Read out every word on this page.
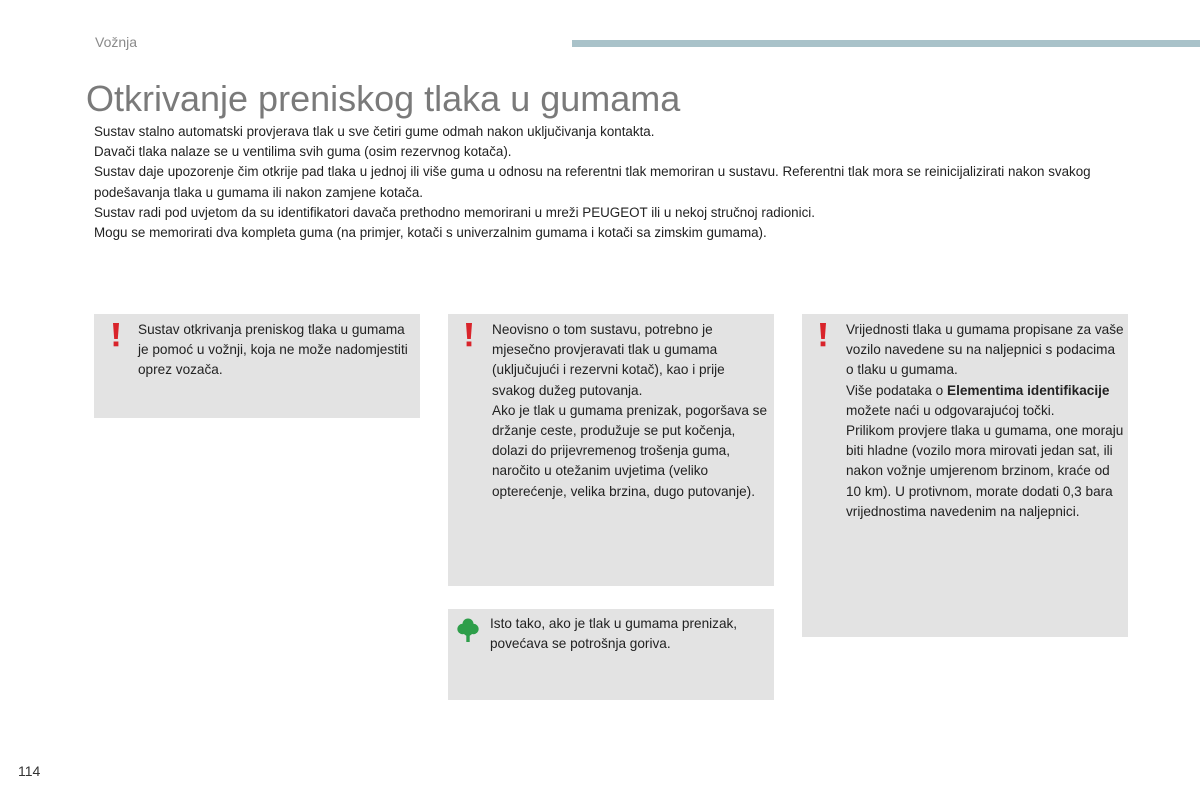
Vožnja
Otkrivanje preniskog tlaka u gumama

Sustav stalno automatski provjerava tlak u sve četiri gume odmah nakon uključivanja kontakta.

Davači tlaka nalaze se u ventilima svih guma (osim rezervnog kotača).

Sustav daje upozorenje čim otkrije pad tlaka u jednoj ili više guma u odnosu na referentni tlak memoriran u sustavu. Referentni tlak mora se reinicijalizirati nakon svakog podešavanja tlaka u gumama ili nakon zamjene kotača.

Sustav radi pod uvjetom da su identifikatori davača prethodno memorirani u mreži PEUGEOT ili u nekoj stručnoj radionici.

Mogu se memorirati dva kompleta guma (na primjer, kotači s univerzalnim gumama i kotači sa zimskim gumama).

Sustav otkrivanja preniskog tlaka u gumama je pomoć u vožnji, koja ne može nadomjestiti oprez vozača.

Neovisno o tom sustavu, potrebno je mjesečno provjeravati tlak u gumama (uključujući i rezervni kotač), kao i prije svakog dužeg putovanja.

Ako je tlak u gumama prenizak, pogoršava se držanje ceste, produžuje se put kočenja, dolazi do prijevremenog trošenja guma, naročito u otežanim uvjetima (veliko opterećenje, velika brzina, dugo putovanje).

Vrijednosti tlaka u gumama propisane za vaše vozilo navedene su na naljepnici s podacima o tlaku u gumama.

Više podataka o Elementima identifikacije možete naći u odgovarajućoj točki.

Prilikom provjere tlaka u gumama, one moraju biti hladne (vozilo mora mirovati jedan sat, ili nakon vožnje umjerenom brzinom, kraće od 10 km). U protivnom, morate dodati 0,3 bara vrijednostima navedenim na naljepnici.

Isto tako, ako je tlak u gumama prenizak, povećava se potrošnja goriva.

114
